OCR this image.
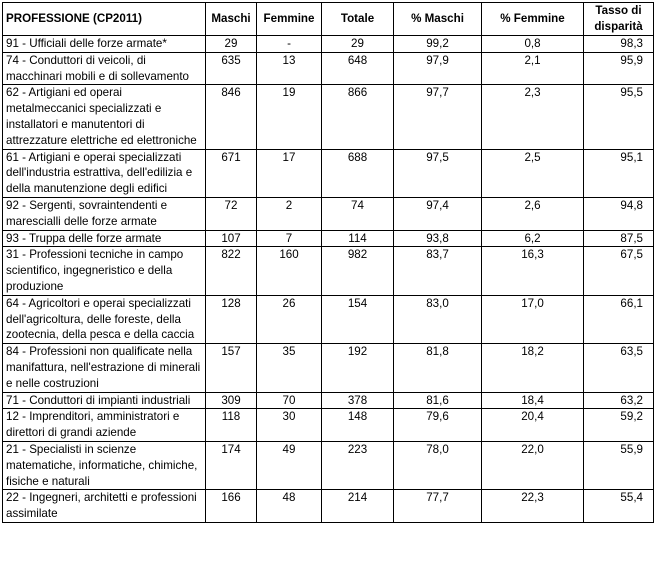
PROFESSIONE (CP2011)	Maschi	Femmine	Totale	% Maschi	% Femmine	Tasso di
disparità

91 - Ufficiali delle forze armate*	29	-	29	99,2	0,8	98,3
74 - Conduttori di veicoli, di macchinari mobili e di sollevamento	635	13	648	97,9	2,1	95,9
62 - Artigiani ed operai metalmeccanici specializzati e installatori e manutentori di attrezzature elettriche ed elettroniche	846	19	866	97,7	2,3	95,5
61 - Artigiani e operai specializzati dell'industria estrattiva, dell'edilizia e della manutenzione degli edifici	671	17	688	97,5	2,5	95,1
92 - Sergenti, sovraintendenti e marescialli delle forze armate	72	2	74	97,4	2,6	94,8
93 - Truppa delle forze armate	107	7	114	93,8	6,2	87,5
31 - Professioni tecniche in campo scientifico, ingegneristico e della produzione	822	160	982	83,7	16,3	67,5
64 - Agricoltori e operai specializzati dell'agricoltura, delle foreste, della zootecnia, della pesca e della caccia	128	26	154	83,0	17,0	66,1
84 - Professioni non qualificate nella manifattura, nell'estrazione di minerali e nelle costruzioni	157	35	192	81,8	18,2	63,5
71 - Conduttori di impianti industriali	309	70	378	81,6	18,4	63,2
12 - Imprenditori, amministratori e direttori di grandi aziende	118	30	148	79,6	20,4	59,2
21 - Specialisti in scienze matematiche, informatiche, chimiche, fisiche e naturali	174	49	223	78,0	22,0	55,9
22 - Ingegneri, architetti e professioni assimilate	166	48	214	77,7	22,3	55,4
